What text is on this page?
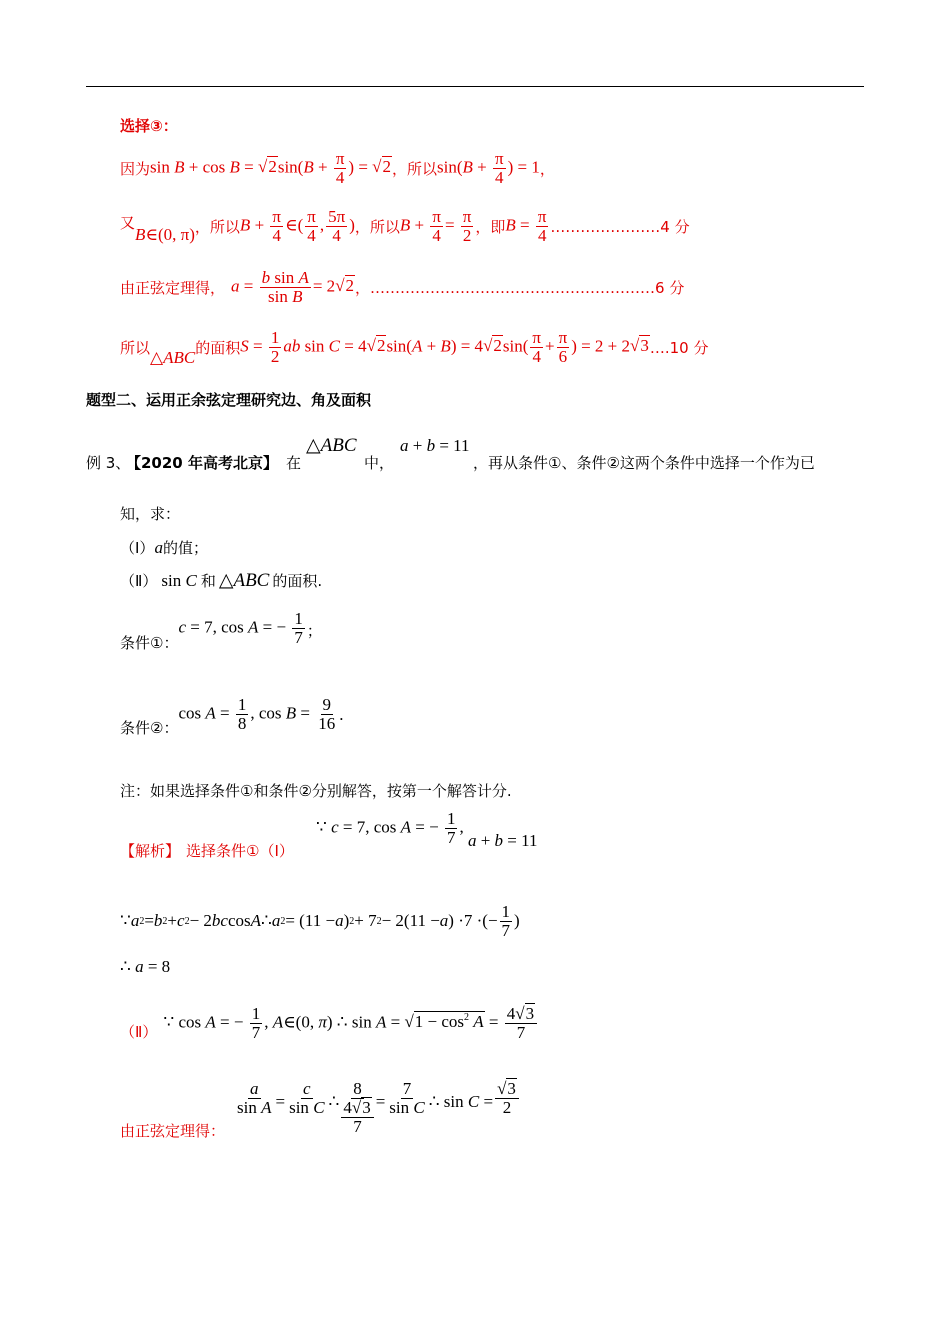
选择③：
因为 $\sin B + \cos B = √2\sin(B + \frac{\pi}{4}$ ) = √2 ，所以 $\sin(B + \frac{\pi}{4}$ ) = 1 ，
又
B∈(0, π) ，所以 $B + \frac{\pi}{4}$ ∈( $\frac{\pi}{4}$ , $\frac{5\pi}{4}$ ) ，所以 $B + \frac{\pi}{4} = \frac{\pi}{2}$ ，即 $B = \frac{\pi}{4}$ .…………………4 分
由正弦定理得， $a = \frac{\text{b sin A}}{\text{sin B}} = 2√2$ ，…………………………………………………6 分
所以
△ABC
的面积 $S = \frac{1}{2}$ ab $\sin C = 4√2\sin(A + B) = 4√2\sin( \frac{\pi}{4} + \frac{\pi}{6}$ ) = 2 + 2√3 ….10 分
题型二、运用正余弦定理研究边、角及面积
例 3、
【2020 年高考北京】 在
△ABC
中，
a + b = 11
，再从条件①、条件②这两个条件中选择一个作为已
知，求：
（Ⅰ） a 的值；
（Ⅱ） sin C 和 △ABC 的面积.
条件①：
c = 7, cos A = − $\frac{1}{7}$ ；
条件②：
$\cos A = \frac{1}{8}$ , $\cos B = \frac{9}{16}$ .
注：如果选择条件①和条件②分别解答，按第一个解答计分.
【解析】 选择条件①（Ⅰ）
∵ c = 7, cos A = − $\frac{1}{7}$ , a + b = 11
∵ a 2 = b 2 + c 2 − 2 bc cos A ∴ a 2 = (11 − a ) 2 + 7 2 − 2(11 − a ) ·7 ·(− $\frac{1}{7}$ )
∴ a = 8
（Ⅱ）
∵ cos A = − $\frac{1}{7}$ , A∈(0, π) ∴ $\sin A = √1 - \cos^2 A = \frac{4√3}{7}$
由正弦定理得：
$\frac{a}{\text{sin A}} = \frac{c}{\text{sin C}}$ ∴
8
4√3
7
= $\frac{7}{\text{sin C}}$ ∴ $\sin C = \frac{√3}{2}$
